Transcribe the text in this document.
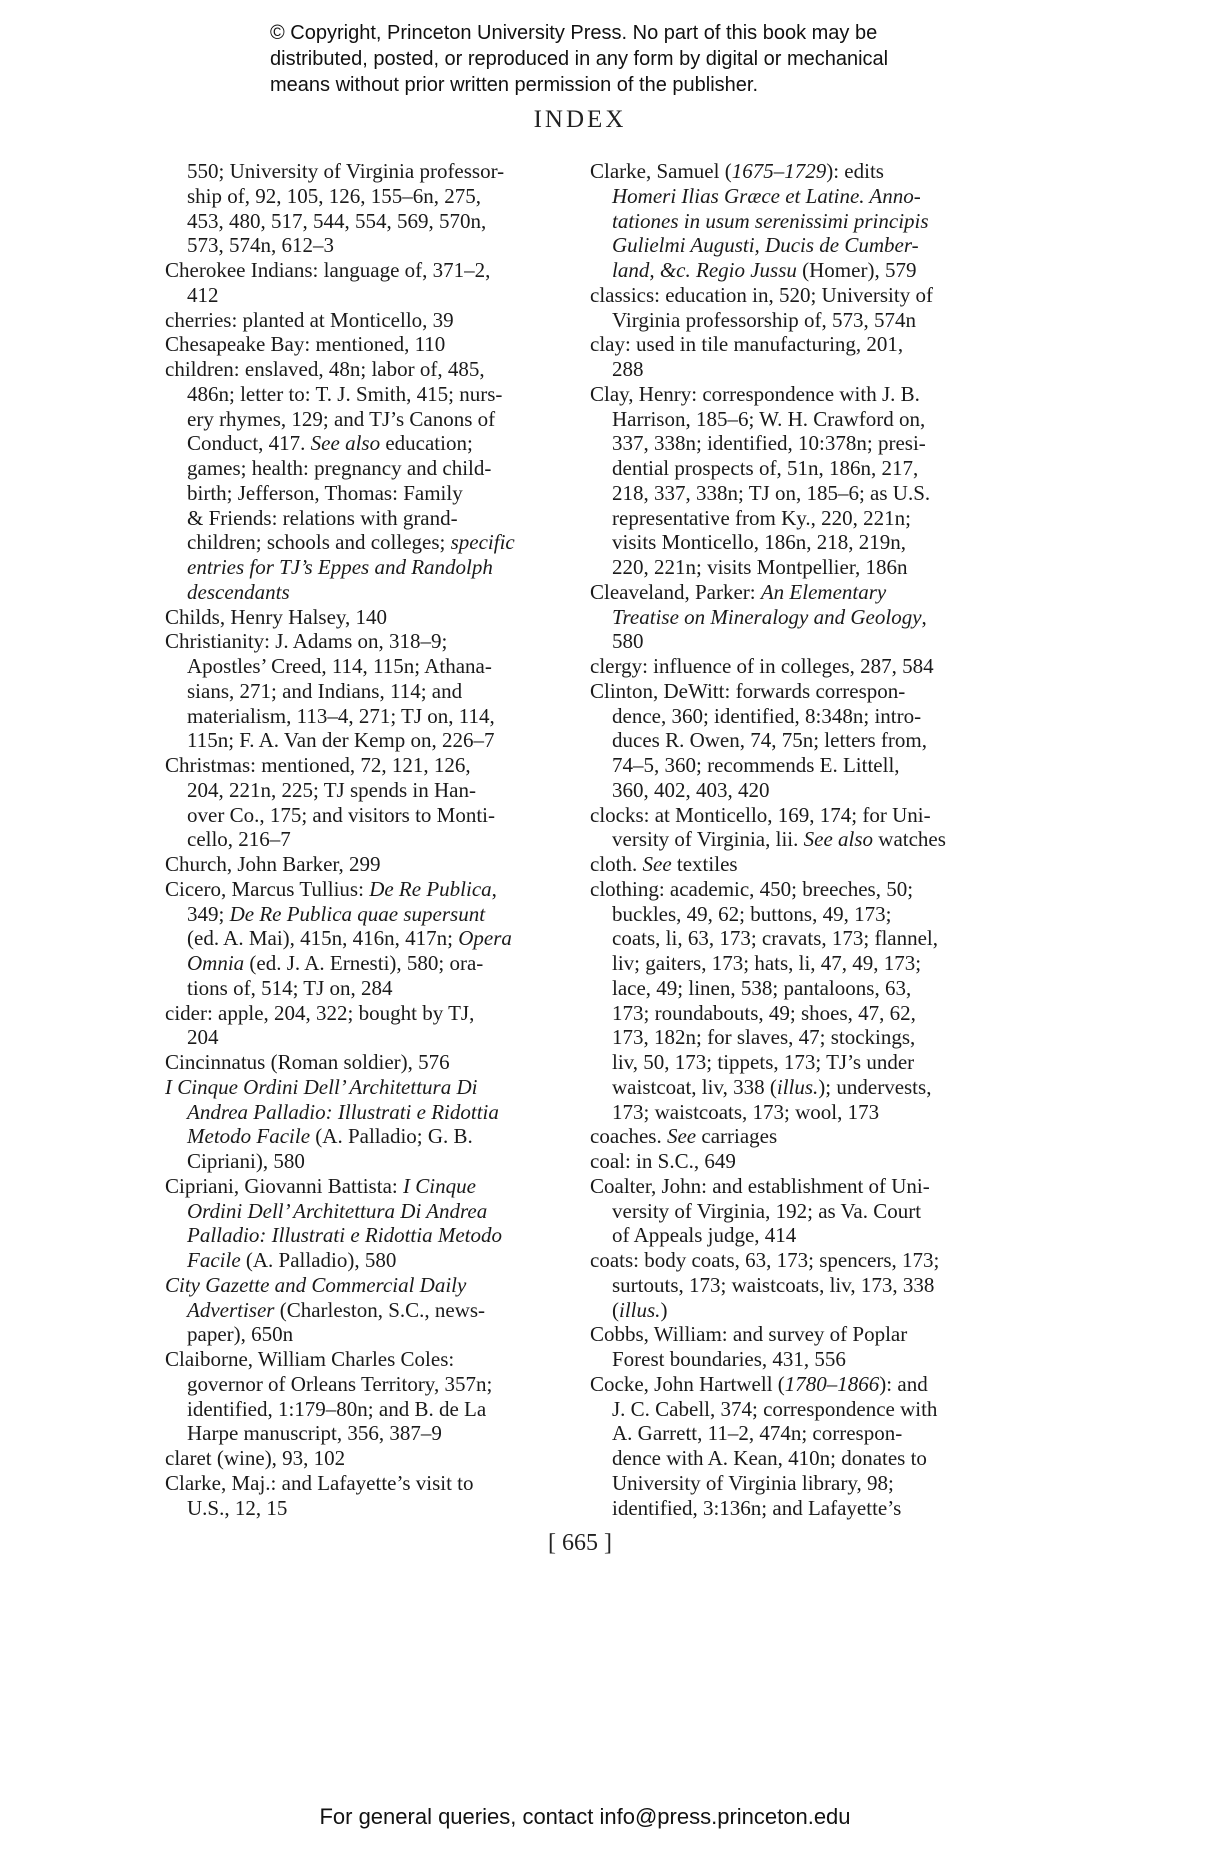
© Copyright, Princeton University Press. No part of this book may be
distributed, posted, or reproduced in any form by digital or mechanical
means without prior written permission of the publisher.
INDEX
550; University of Virginia professor-
ship of, 92, 105, 126, 155–6n, 275,
453, 480, 517, 544, 554, 569, 570n,
573, 574n, 612–3
Cherokee Indians: language of, 371–2,
412
cherries: planted at Monticello, 39
Chesapeake Bay: mentioned, 110
children: enslaved, 48n; labor of, 485,
486n; letter to: T. J. Smith, 415; nurs-
ery rhymes, 129; and TJ’s Canons of
Conduct, 417. See also education;
games; health: pregnancy and child-
birth; Jefferson, Thomas: Family
& Friends: relations with grand-
children; schools and colleges; specific
entries for TJ’s Eppes and Randolph
descendants
Childs, Henry Halsey, 140
Christianity: J. Adams on, 318–9;
Apostles’ Creed, 114, 115n; Athana-
sians, 271; and Indians, 114; and
materialism, 113–4, 271; TJ on, 114,
115n; F. A. Van der Kemp on, 226–7
Christmas: mentioned, 72, 121, 126,
204, 221n, 225; TJ spends in Han-
over Co., 175; and visitors to Monti-
cello, 216–7
Church, John Barker, 299
Cicero, Marcus Tullius: De Re Publica,
349; De Re Publica quae supersunt
(ed. A. Mai), 415n, 416n, 417n; Opera
Omnia (ed. J. A. Ernesti), 580; ora-
tions of, 514; TJ on, 284
cider: apple, 204, 322; bought by TJ,
204
Cincinnatus (Roman soldier), 576
I Cinque Ordini Dell’ Architettura Di
Andrea Palladio: Illustrati e Ridottia
Metodo Facile (A. Palladio; G. B.
Cipriani), 580
Cipriani, Giovanni Battista: I Cinque
Ordini Dell’ Architettura Di Andrea
Palladio: Illustrati e Ridottia Metodo
Facile (A. Palladio), 580
City Gazette and Commercial Daily
Advertiser (Charleston, S.C., news-
paper), 650n
Claiborne, William Charles Coles:
governor of Orleans Territory, 357n;
identified, 1:179–80n; and B. de La
Harpe manuscript, 356, 387–9
claret (wine), 93, 102
Clarke, Maj.: and Lafayette’s visit to
U.S., 12, 15
Clarke, Samuel (1675–1729): edits
Homeri Ilias Græce et Latine. Anno-
tationes in usum serenissimi principis
Gulielmi Augusti, Ducis de Cumber-
land, &c. Regio Jussu (Homer), 579
classics: education in, 520; University of
Virginia professorship of, 573, 574n
clay: used in tile manufacturing, 201,
288
Clay, Henry: correspondence with J. B.
Harrison, 185–6; W. H. Crawford on,
337, 338n; identified, 10:378n; presi-
dential prospects of, 51n, 186n, 217,
218, 337, 338n; TJ on, 185–6; as U.S.
representative from Ky., 220, 221n;
visits Monticello, 186n, 218, 219n,
220, 221n; visits Montpellier, 186n
Cleaveland, Parker: An Elementary
Treatise on Mineralogy and Geology,
580
clergy: influence of in colleges, 287, 584
Clinton, DeWitt: forwards correspon-
dence, 360; identified, 8:348n; intro-
duces R. Owen, 74, 75n; letters from,
74–5, 360; recommends E. Littell,
360, 402, 403, 420
clocks: at Monticello, 169, 174; for Uni-
versity of Virginia, lii. See also watches
cloth. See textiles
clothing: academic, 450; breeches, 50;
buckles, 49, 62; buttons, 49, 173;
coats, li, 63, 173; cravats, 173; flannel,
liv; gaiters, 173; hats, li, 47, 49, 173;
lace, 49; linen, 538; pantaloons, 63,
173; roundabouts, 49; shoes, 47, 62,
173, 182n; for slaves, 47; stockings,
liv, 50, 173; tippets, 173; TJ’s under
waistcoat, liv, 338 (illus.); undervests,
173; waistcoats, 173; wool, 173
coaches. See carriages
coal: in S.C., 649
Coalter, John: and establishment of Uni-
versity of Virginia, 192; as Va. Court
of Appeals judge, 414
coats: body coats, 63, 173; spencers, 173;
surtouts, 173; waistcoats, liv, 173, 338
(illus.)
Cobbs, William: and survey of Poplar
Forest boundaries, 431, 556
Cocke, John Hartwell (1780–1866): and
J. C. Cabell, 374; correspondence with
A. Garrett, 11–2, 474n; correspon-
dence with A. Kean, 410n; donates to
University of Virginia library, 98;
identified, 3:136n; and Lafayette’s
[ 665 ]
For general queries, contact info@press.princeton.edu
